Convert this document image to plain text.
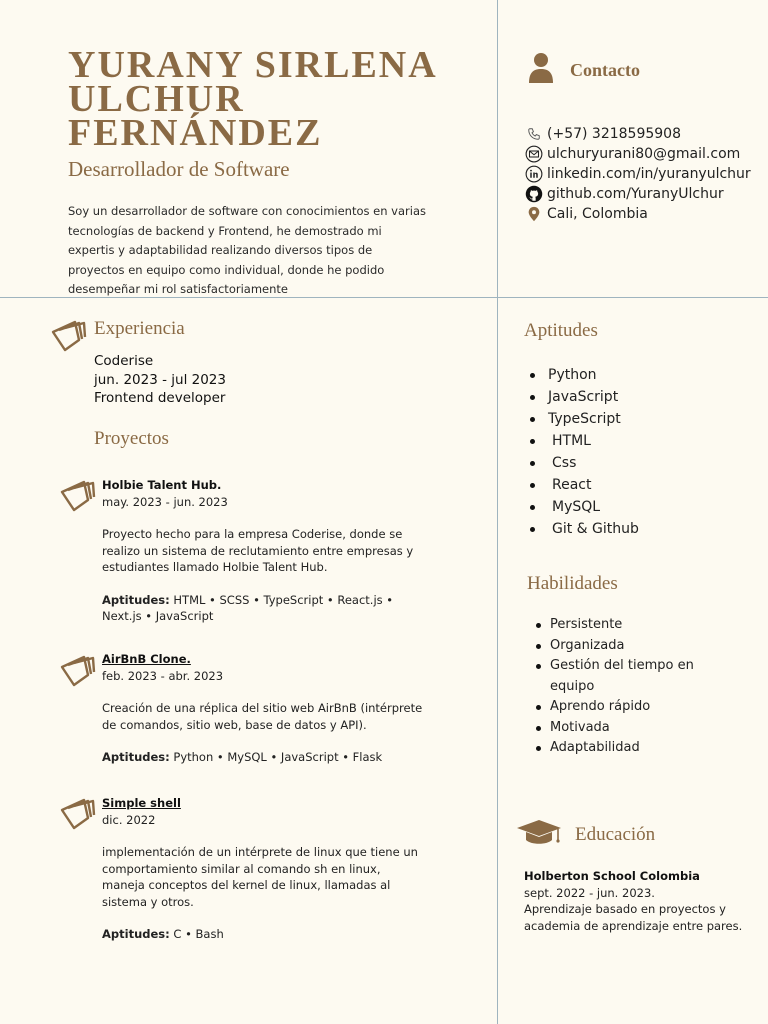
YURANY SIRLENA ULCHUR FERNÁNDEZ
Desarrollador de Software

Soy un desarrollador de software con conocimientos en varias tecnologías de backend y Frontend, he demostrado mi expertis y adaptabilidad realizando diversos tipos de proyectos en equipo como individual, donde he podido desempeñar mi rol satisfactoriamente

Contacto
(+57) 3218595908
ulchuryurani80@gmail.com
linkedin.com/in/yuranyulchur
github.com/YuranyUlchur
Cali, Colombia
Experiencia
Coderise
jun. 2023 - jul 2023
Frontend developer
Proyectos
Holbie Talent Hub.
may. 2023 - jun. 2023
Proyecto hecho para la empresa Coderise, donde se realizo un sistema de reclutamiento entre empresas y estudiantes llamado Holbie Talent Hub.
Aptitudes: HTML • SCSS • TypeScript • React.js • Next.js • JavaScript
AirBnB Clone.
feb. 2023 - abr. 2023
Creación de una réplica del sitio web AirBnB (intérprete de comandos, sitio web, base de datos y API).
Aptitudes: Python • MySQL • JavaScript • Flask
Simple shell
dic. 2022
implementación de un intérprete de linux que tiene un comportamiento similar al comando sh en linux, maneja conceptos del kernel de linux, llamadas al sistema y otros.
Aptitudes: C • Bash
Aptitudes
Python
JavaScript
TypeScript
HTML
Css
React
MySQL
Git & Github
Habilidades
Persistente
Organizada
Gestión del tiempo en equipo
Aprendo rápido
Motivada
Adaptabilidad
Educación
Holberton School Colombia
sept. 2022 - jun. 2023.
Aprendizaje basado en proyectos y academia de aprendizaje entre pares.
